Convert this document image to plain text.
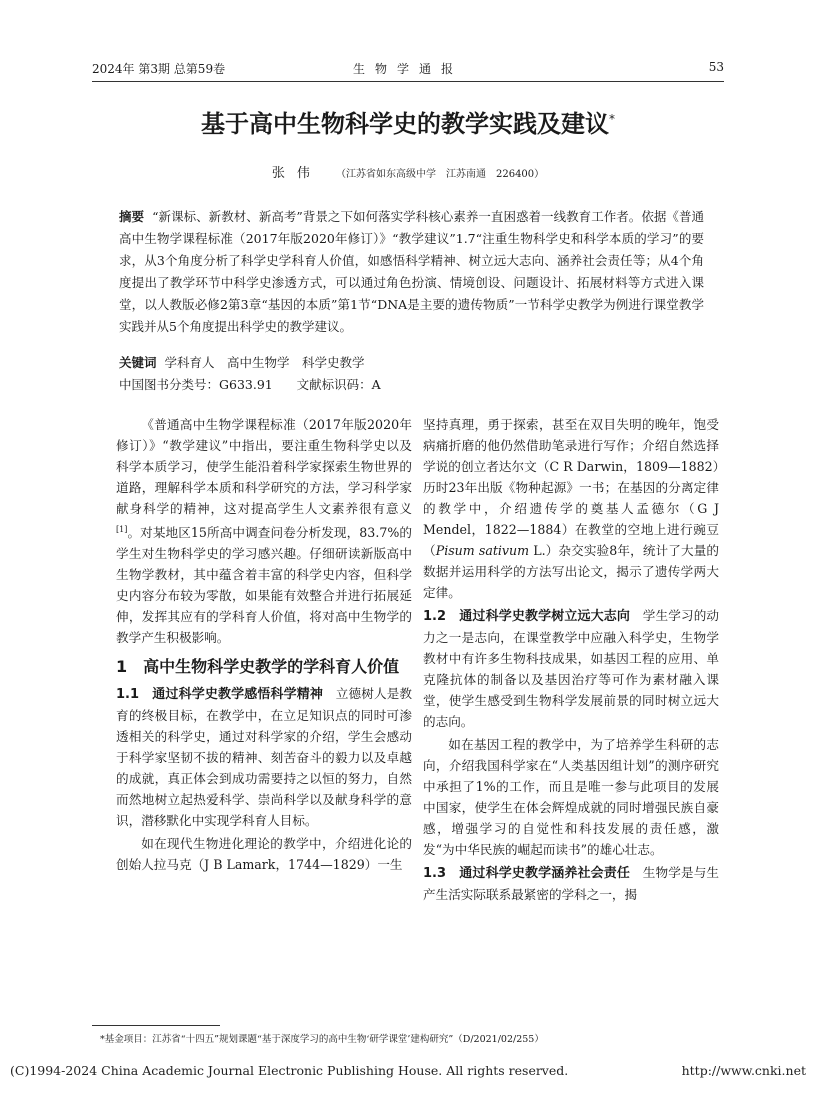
2024年 第3期 总第59卷	生物学通报	53
基于高中生物科学史的教学实践及建议*
张伟 （江苏省如东高级中学　江苏南通　226400）
摘要 “新课标、新教材、新高考”背景之下如何落实学科核心素养一直困惑着一线教育工作者。依据《普通高中生物学课程标准（2017年版2020年修订）》“教学建议”1.7“注重生物科学史和科学本质的学习”的要求，从3个角度分析了科学史学科育人价值，如感悟科学精神、树立远大志向、涵养社会责任等；从4个角度提出了教学环节中科学史渗透方式，可以通过角色扮演、情境创设、问题设计、拓展材料等方式进入课堂，以人教版必修2第3章“基因的本质”第1节“DNA是主要的遗传物质”一节科学史教学为例进行课堂教学实践并从5个角度提出科学史的教学建议。
关键词 学科育人　高中生物学　科学史教学
中国图书分类号：G633.91 文献标识码：A

《普通高中生物学课程标准（2017年版2020年修订）》“教学建议”中指出，要注重生物科学史以及科学本质学习，使学生能沿着科学家探索生物世界的道路，理解科学本质和科学研究的方法，学习科学家献身科学的精神，这对提高学生人文素养很有意义[1]。对某地区15所高中调查问卷分析发现，83.7%的学生对生物科学史的学习感兴趣。仔细研读新版高中生物学教材，其中蕴含着丰富的科学史内容，但科学史内容分布较为零散，如果能有效整合并进行拓展延伸，发挥其应有的学科育人价值，将对高中生物学的教学产生积极影响。

1　高中生物科学史教学的学科育人价值

1.1　通过科学史教学感悟科学精神　 立德树人是教育的终极目标，在教学中，在立足知识点的同时可渗透相关的科学史，通过对科学家的介绍，学生会感动于科学家坚韧不拔的精神、刻苦奋斗的毅力以及卓越的成就，真正体会到成功需要持之以恒的努力，自然而然地树立起热爱科学、崇尚科学以及献身科学的意识，潜移默化中实现学科育人目标。

如在现代生物进化理论的教学中，介绍进化论的创始人拉马克（J B Lamark，1744—1829）一生

坚持真理，勇于探索，甚至在双目失明的晚年，饱受病痛折磨的他仍然借助笔录进行写作；介绍自然选择学说的创立者达尔文（C R Darwin，1809—1882）历时23年出版《物种起源》一书；在基因的分离定律的教学中，介绍遗传学的奠基人孟德尔（G J Mendel，1822—1884）在教堂的空地上进行豌豆（Pisum sativum L.）杂交实验8年，统计了大量的数据并运用科学的方法写出论文，揭示了遗传学两大定律。

1.2　通过科学史教学树立远大志向　 学生学习的动力之一是志向，在课堂教学中应融入科学史，生物学教材中有许多生物科技成果，如基因工程的应用、单克隆抗体的制备以及基因治疗等可作为素材融入课堂，使学生感受到生物科学发展前景的同时树立远大的志向。

如在基因工程的教学中，为了培养学生科研的志向，介绍我国科学家在“人类基因组计划”的测序研究中承担了1%的工作，而且是唯一参与此项目的发展中国家，使学生在体会辉煌成就的同时增强民族自豪感，增强学习的自觉性和科技发展的责任感，激发“为中华民族的崛起而读书”的雄心壮志。

1.3　通过科学史教学涵养社会责任　 生物学是与生产生活实际联系最紧密的学科之一，揭

*基金项目：江苏省“十四五”规划课题“基于深度学习的高中生物‘研学课堂’建构研究”（D/2021/02/255）
(C)1994-2024 China Academic Journal Electronic Publishing House. All rights reserved.	http://www.cnki.net
